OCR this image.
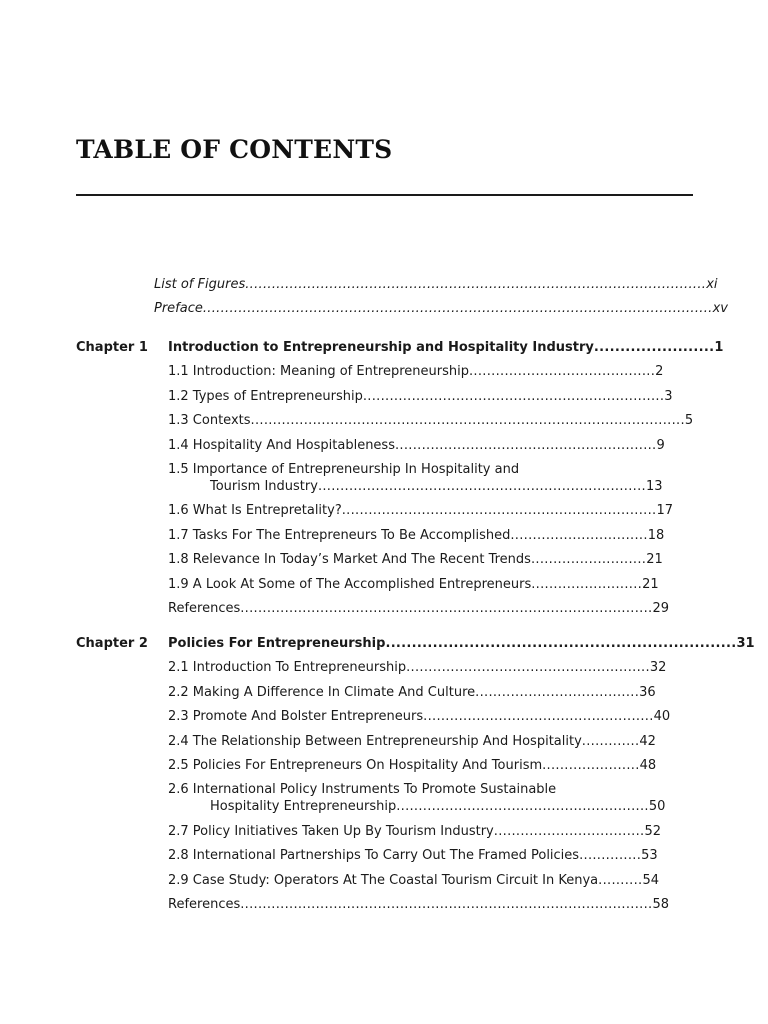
TABLE OF CONTENTS
List of Figures........................................................................................................xi
Preface...................................................................................................................xv
Chapter 1	Introduction to Entrepreneurship and Hospitality Industry.......................1
1.1 Introduction: Meaning of Entrepreneurship..........................................2
1.2 Types of Entrepreneurship....................................................................3
1.3 Contexts..................................................................................................5
1.4 Hospitality And Hospitableness...........................................................9
1.5 Importance of Entrepreneurship In Hospitality and
Tourism Industry..........................................................................13
1.6 What Is Entrepretality?.......................................................................17
1.7 Tasks For The Entrepreneurs To Be Accomplished...............................18
1.8 Relevance In Today’s Market And The Recent Trends..........................21
1.9 A Look At Some of The Accomplished Entrepreneurs.........................21
References.............................................................................................29
Chapter 2	Policies For Entrepreneurship...................................................................31
2.1 Introduction To Entrepreneurship.......................................................32
2.2 Making A Difference In Climate And Culture.....................................36
2.3 Promote And Bolster Entrepreneurs....................................................40
2.4 The Relationship Between Entrepreneurship And Hospitality.............42
2.5 Policies For Entrepreneurs On Hospitality And Tourism......................48
2.6 International Policy Instruments To Promote Sustainable
Hospitality Entrepreneurship.........................................................50
2.7 Policy Initiatives Taken Up By Tourism Industry..................................52
2.8 International Partnerships To Carry Out The Framed Policies..............53
2.9 Case Study: Operators At The Coastal Tourism Circuit In Kenya..........54
References.............................................................................................58
